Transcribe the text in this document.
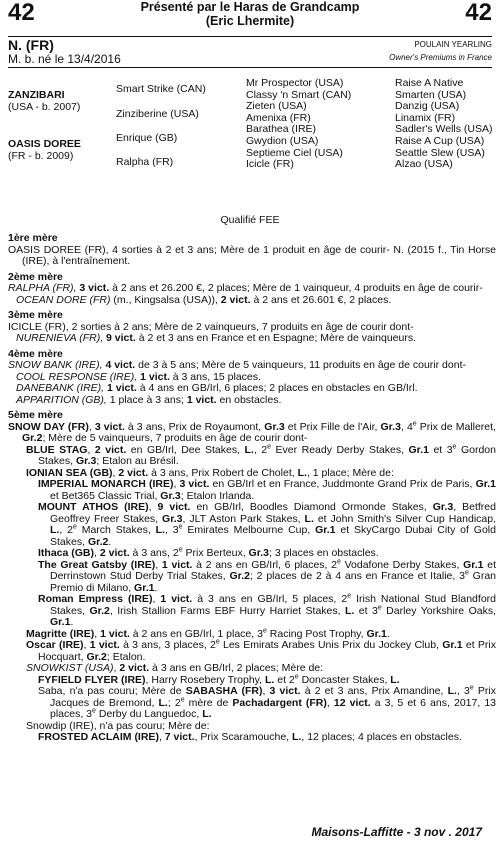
42	Présenté par le Haras de Grandcamp
(Eric Lhermite)	42
N. (FR)
M. b. né le 13/4/2016
POULAIN YEARLING
Owner's Premiums in France
ZANZIBARI
(USA - b. 2007)
OASIS DOREE
(FR - b. 2009)
Smart Strike (CAN)
Zinziberine (USA)
Enrique (GB)
Ralpha (FR)
Mr Prospector (USA)
Classy 'n Smart (CAN)
Zieten (USA)
Amenixa (FR)
Barathea (IRE)
Gwydion (USA)
Septieme Ciel (USA)
Icicle (FR)
Raise A Native
Smarten (USA)
Danzig (USA)
Linamix (FR)
Sadler's Wells (USA)
Raise A Cup (USA)
Seattle Slew (USA)
Alzao (USA)
Qualifié FEE
1ère mère

OASIS DOREE (FR), 4 sorties à 2 et 3 ans; Mère de 1 produit en âge de courir- N. (2015 f., Tin Horse (IRE), à l'entraînement.

2ème mère

RALPHA (FR), 3 vict. à 2 ans et 26.200 €, 2 places; Mère de 1 vainqueur, 4 produits en âge de courir-

OCEAN DORE (FR) (m., Kingsalsa (USA)), 2 vict. à 2 ans et 26.601 €, 2 places.

3ème mère

ICICLE (FR), 2 sorties à 2 ans; Mère de 2 vainqueurs, 7 produits en âge de courir dont-

NURENIEVA (FR), 9 vict. à 2 et 3 ans en France et en Espagne; Mère de vainqueurs.

4ème mère

SNOW BANK (IRE), 4 vict. de 3 à 5 ans; Mère de 5 vainqueurs, 11 produits en âge de courir dont-

COOL RESPONSE (IRE), 1 vict. à 3 ans, 15 places.

DANEBANK (IRE), 1 vict. à 4 ans en GB/Irl, 6 places; 2 places en obstacles en GB/Irl.

APPARITION (GB), 1 place à 3 ans; 1 vict. en obstacles.

5ème mère

SNOW DAY (FR), 3 vict. à 3 ans, Prix de Royaumont, Gr.3 et Prix Fille de l'Air, Gr.3, 4e Prix de Malleret, Gr.2; Mère de 5 vainqueurs, 7 produits en âge de courir dont-

BLUE STAG, 2 vict. en GB/Irl, Dee Stakes, L., 2e Ever Ready Derby Stakes, Gr.1 et 3e Gordon Stakes, Gr.3; Etalon au Brésil.

IONIAN SEA (GB), 2 vict. à 3 ans, Prix Robert de Cholet, L., 1 place; Mère de:

IMPERIAL MONARCH (IRE), 3 vict. en GB/Irl et en France, Juddmonte Grand Prix de Paris, Gr.1 et Bet365 Classic Trial, Gr.3; Etalon Irlanda.

MOUNT ATHOS (IRE), 9 vict. en GB/Irl, Boodles Diamond Ormonde Stakes, Gr.3, Betfred Geoffrey Freer Stakes, Gr.3, JLT Aston Park Stakes, L. et John Smith's Silver Cup Handicap, L., 2e March Stakes, L., 3e Emirates Melbourne Cup, Gr.1 et SkyCargo Dubai City of Gold Stakes, Gr.2.

Ithaca (GB), 2 vict. à 3 ans, 2e Prix Berteux, Gr.3; 3 places en obstacles.

The Great Gatsby (IRE), 1 vict. à 2 ans en GB/Irl, 6 places, 2e Vodafone Derby Stakes, Gr.1 et Derrinstown Stud Derby Trial Stakes, Gr.2; 2 places de 2 à 4 ans en France et Italie, 3e Gran Premio di Milano, Gr.1.

Roman Empress (IRE), 1 vict. à 3 ans en GB/Irl, 5 places, 2e Irish National Stud Blandford Stakes, Gr.2, Irish Stallion Farms EBF Hurry Harriet Stakes, L. et 3e Darley Yorkshire Oaks, Gr.1.

Magritte (IRE), 1 vict. à 2 ans en GB/Irl, 1 place, 3e Racing Post Trophy, Gr.1.

Oscar (IRE), 1 vict. à 3 ans, 3 places, 2e Les Emirats Arabes Unis Prix du Jockey Club, Gr.1 et Prix Hocquart, Gr.2; Etalon.

SNOWKIST (USA), 2 vict. à 3 ans en GB/Irl, 2 places; Mère de:

FYFIELD FLYER (IRE), Harry Rosebery Trophy, L. et 2e Doncaster Stakes, L.

Saba, n'a pas couru; Mère de SABASHA (FR), 3 vict. à 2 et 3 ans, Prix Amandine, L., 3e Prix Jacques de Bremond, L.; 2e mère de Pachadargent (FR), 12 vict. a 3, 5 et 6 ans, 2017, 13 places, 3e Derby du Languedoc, L.

Snowdip (IRE), n'a pas couru; Mère de:

FROSTED ACLAIM (IRE), 7 vict., Prix Scaramouche, L., 12 places; 4 places en obstacles.

Maisons-Laffitte - 3 nov . 2017
